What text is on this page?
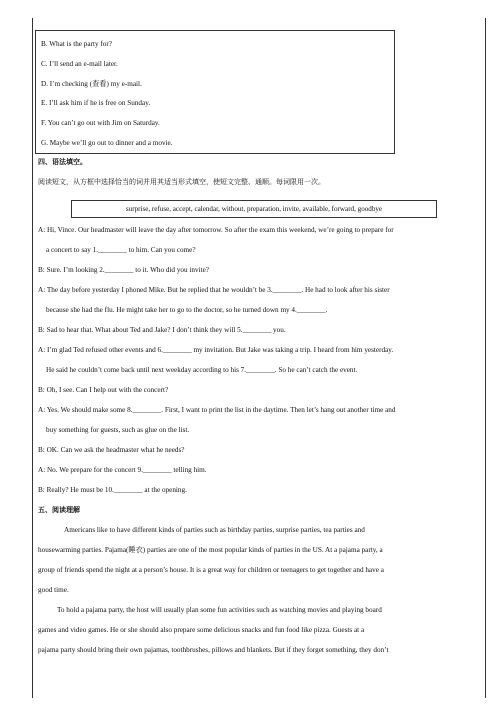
B. What is the party for?
C. I’ll send an e-mail later.
D. I’m checking (查看) my e-mail.
E. I’ll ask him if he is free on Sunday.
F. You can’t go out with Jim on Saturday.
G. Maybe we’ll go out to dinner and a movie.
四、语法填空。
阅读短文，从方框中选择恰当的词并用其适当形式填空，使短文完整、通顺。每词限用一次。
surprise, refuse, accept, calendar, without, preparation, invite, available, forward, goodbye
A: Hi, Vince. Our headmaster will leave the day after tomorrow. So after the exam this weekend, we’re going to prepare for
a concert to say 1.________ to him. Can you come?
B: Sure. I’m looking 2.________ to it. Who did you invite?
A: The day before yesterday I phoned Mike. But he replied that he wouldn’t be 3.________. He had to look after his sister
because she had the flu. He might take her to go to the doctor, so he turned down my 4.________.
B: Sad to hear that. What about Ted and Jake? I don’t think they will 5.________ you.
A: I’m glad Ted refused other events and 6.________ my invitation. But Jake was taking a trip. I heard from him yesterday.
He said he couldn’t come back until next weekday according to his 7.________. So he can’t catch the event.
B: Oh, I see. Can I help out with the concert?
A: Yes. We should make some 8.________. First, I want to print the list in the daytime. Then let’s hang out another time and
buy something for guests, such as glue on the list.
B: OK. Can we ask the headmaster what he needs?
A: No. We prepare for the concert 9.________ telling him.
B: Really? He must be 10.________ at the opening.
五、阅读理解
Americans like to have different kinds of parties such as birthday parties, surprise parties, tea parties and
housewarming parties. Pajama(睡衣) parties are one of the most popular kinds of parties in the US. At a pajama party, a
group of friends spend the night at a person’s house. It is a great way for children or teenagers to get together and have a
good time.
To hold a pajama party, the host will usually plan some fun activities such as watching movies and playing board
games and video games. He or she should also prepare some delicious snacks and fun food like pizza. Guests at a
pajama party should bring their own pajamas, toothbrushes, pillows and blankets. But if they forget something, they don’t
